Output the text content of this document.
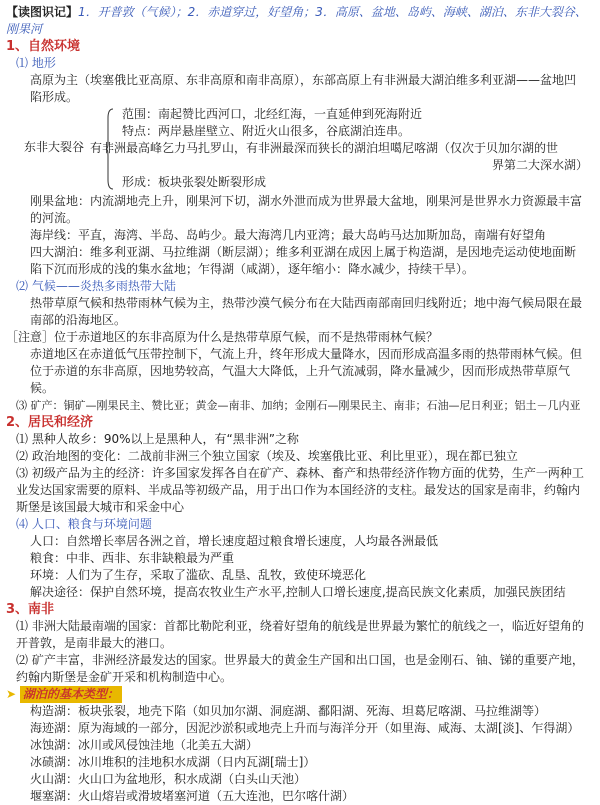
【读图识记】1．开普敦（气候）；2．赤道穿过，好望角；3．高原、盆地、岛屿、海峡、湖泊、东非大裂谷、刚果河
1、自然环境
⑴ 地形
高原为主（埃塞俄比亚高原、东非高原和南非高原），东部高原上有非洲最大湖泊维多利亚湖——盆地凹陷形成。
东非大裂谷
范围：南起赞比西河口，北经红海，一直延伸到死海附近
特点：两岸悬崖壁立、附近火山很多，谷底湖泊连串。
有非洲最高峰乞力马扎罗山，有非洲最深而狭长的湖泊坦噶尼喀湖（仅次于贝加尔湖的世
界第二大深水湖）
形成：板块张裂处断裂形成
刚果盆地：内流湖地壳上升，刚果河下切，湖水外泄而成为世界最大盆地，刚果河是世界水力资源最丰富的河流。
海岸线：平直，海湾、半岛、岛屿少。最大海湾几内亚湾；最大岛屿马达加斯加岛，南端有好望角
四大湖泊：维多利亚湖、马拉维湖（断层湖）；维多利亚湖在成因上属于构造湖，是因地壳运动使地面断陷下沉而形成的浅的集水盆地；乍得湖（咸湖），逐年缩小：降水减少，持续干旱）。
⑵ 气候——炎热多雨热带大陆
热带草原气候和热带雨林气候为主，热带沙漠气候分布在大陆西南部南回归线附近；地中海气候局限在最南部的沿海地区。
［注意］位于赤道地区的东非高原为什么是热带草原气候，而不是热带雨林气候？
赤道地区在赤道低气压带控制下，气流上升，终年形成大量降水，因而形成高温多雨的热带雨林气候。但位于赤道的东非高原，因地势较高，气温大大降低，上升气流减弱，降水量减少，因而形成热带草原气候。
⑶ 矿产：铜矿—刚果民主、赞比亚；黄金—南非、加纳；金刚石—刚果民主、南非；石油—尼日利亚；铝土－几内亚
2、居民和经济
⑴ 黑种人故乡：90%以上是黑种人，有“黑非洲”之称
⑵ 政治地图的变化：二战前非洲三个独立国家（埃及、埃塞俄比亚、利比里亚），现在都已独立
⑶ 初级产品为主的经济：许多国家发挥各自在矿产、森林、畜产和热带经济作物方面的优势，生产一两种工业发达国家需要的原料、半成品等初级产品，用于出口作为本国经济的支柱。最发达的国家是南非，约翰内斯堡是该国最大城市和采金中心
⑷ 人口、粮食与环境问题
人口：自然增长率居各洲之首，增长速度超过粮食增长速度，人均最各洲最低
粮食：中非、西非、东非缺粮最为严重
环境：人们为了生存，采取了滥砍、乱垦、乱牧，致使环境恶化
解决途径：保护自然环境，提高农牧业生产水平,控制人口增长速度,提高民族文化素质，加强民族团结
3、南非
⑴ 非洲大陆最南端的国家：首都比勒陀利亚，绕着好望角的航线是世界最为繁忙的航线之一，临近好望角的开普敦，是南非最大的港口。
⑵ 矿产丰富，非洲经济最发达的国家。世界最大的黄金生产国和出口国，也是金刚石、铀、锑的重要产地，约翰内斯堡是金矿开采和机构制造中心。
➤ 湖泊的基本类型：
构造湖：板块张裂，地壳下陷（如贝加尔湖、洞庭湖、鄱阳湖、死海、坦葛尼喀湖、马拉维湖等）
海迹湖：原为海域的一部分，因泥沙淤积或地壳上升而与海洋分开（如里海、咸海、太湖[淡]、乍得湖）
冰蚀湖：冰川或风侵蚀洼地（北美五大湖）
冰碛湖：冰川堆积的洼地积水成湖（日内瓦湖[瑞士]）
火山湖：火山口为盆地形，积水成湖（白头山天池）
堰塞湖：火山熔岩或滑坡堵塞河道（五大连池，巴尔喀什湖）
